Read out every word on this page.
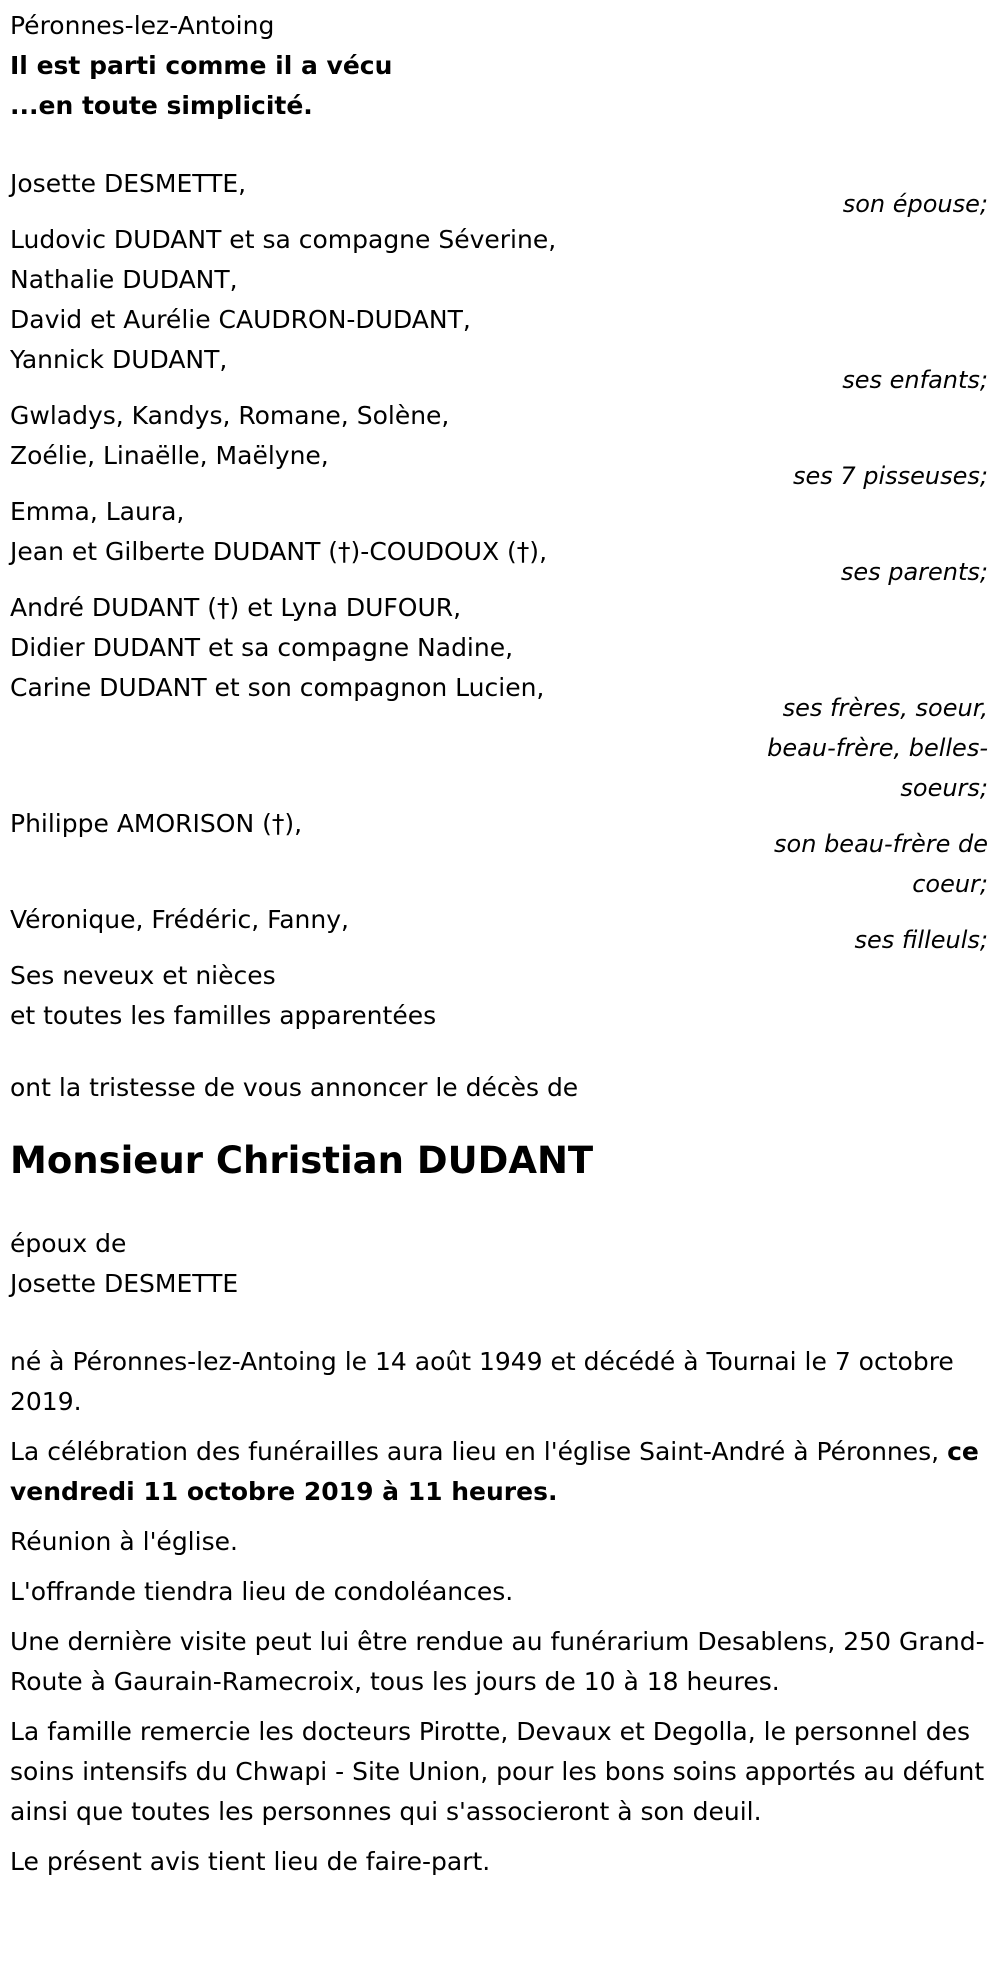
Péronnes-lez-Antoing
Il est parti comme il a vécu
...en toute simplicité.
Josette DESMETTE,
son épouse;
Ludovic DUDANT et sa compagne Séverine,
Nathalie DUDANT,
David et Aurélie CAUDRON-DUDANT,
Yannick DUDANT,
ses enfants;
Gwladys, Kandys, Romane, Solène,
Zoélie, Linaëlle, Maëlyne,
ses 7 pisseuses;
Emma, Laura,
Jean et Gilberte DUDANT (†)-COUDOUX (†),
ses parents;
André DUDANT (†) et Lyna DUFOUR,
Didier DUDANT et sa compagne Nadine,
Carine DUDANT et son compagnon Lucien,
ses frères, soeur,
beau-frère, belles-
soeurs;
Philippe AMORISON (†),
son beau-frère de
coeur;
Véronique, Frédéric, Fanny,
ses filleuls;
Ses neveux et nièces
et toutes les familles apparentées
ont la tristesse de vous annoncer le décès de
Monsieur Christian DUDANT
époux de
Josette DESMETTE
né à Péronnes-lez-Antoing le 14 août 1949 et décédé à Tournai le 7 octobre 2019.
La célébration des funérailles aura lieu en l'église Saint-André à Péronnes, ce vendredi 11 octobre 2019 à 11 heures.
Réunion à l'église.
L'offrande tiendra lieu de condoléances.
Une dernière visite peut lui être rendue au funérarium Desablens, 250 Grand-Route à Gaurain-Ramecroix, tous les jours de 10 à 18 heures.
La famille remercie les docteurs Pirotte, Devaux et Degolla, le personnel des soins intensifs du Chwapi - Site Union, pour les bons soins apportés au défunt ainsi que toutes les personnes qui s'associeront à son deuil.
Le présent avis tient lieu de faire-part.
